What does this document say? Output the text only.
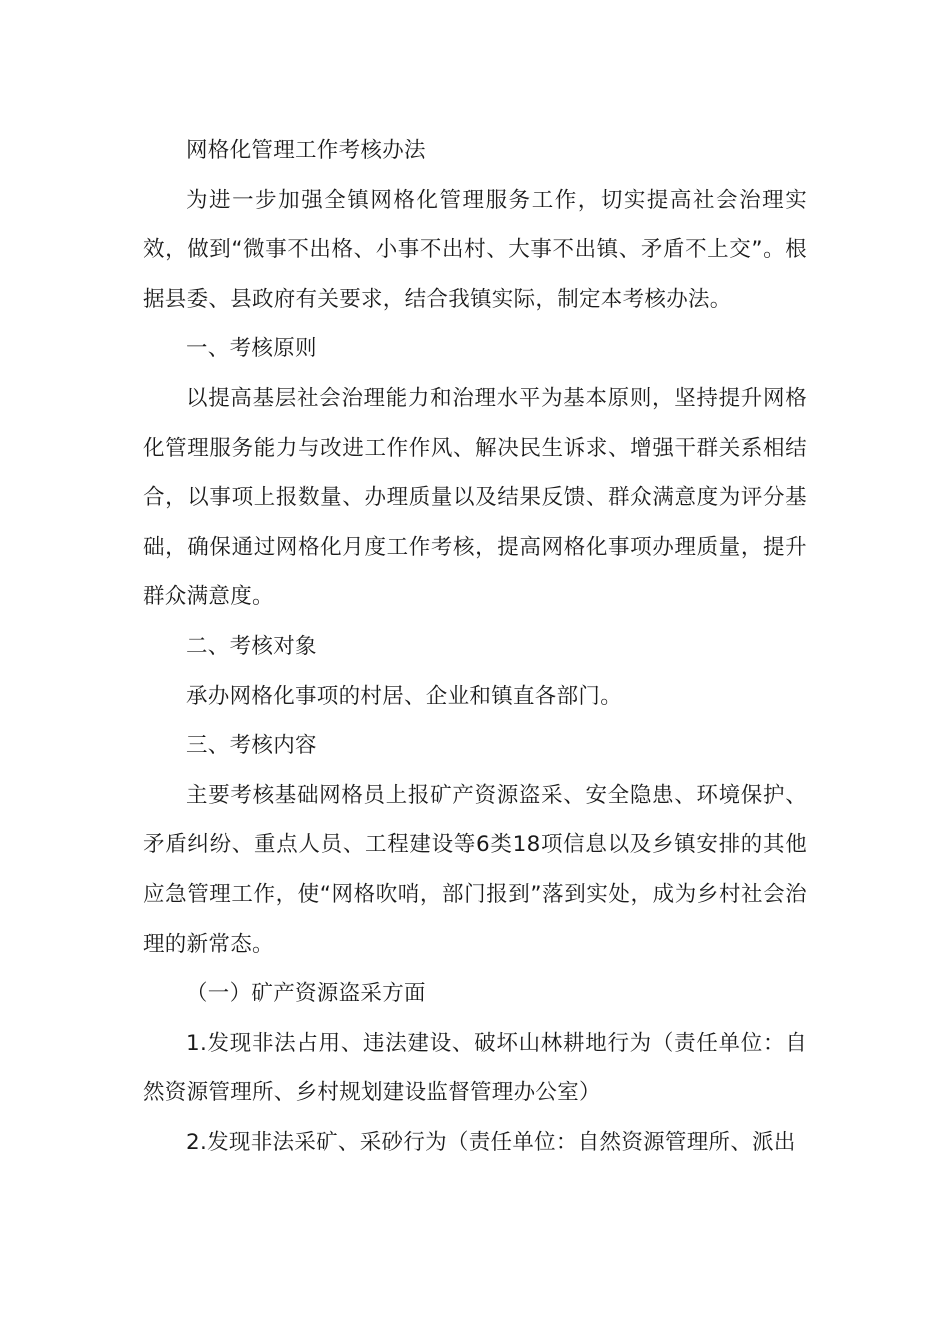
网格化管理工作考核办法

为进一步加强全镇网格化管理服务工作，切实提高社会治理实效，做到“微事不出格、小事不出村、大事不出镇、矛盾不上交”。根据县委、县政府有关要求，结合我镇实际，制定本考核办法。

一、考核原则

以提高基层社会治理能力和治理水平为基本原则，坚持提升网格化管理服务能力与改进工作作风、解决民生诉求、增强干群关系相结合，以事项上报数量、办理质量以及结果反馈、群众满意度为评分基础，确保通过网格化月度工作考核，提高网格化事项办理质量，提升群众满意度。

二、考核对象

承办网格化事项的村居、企业和镇直各部门。

三、考核内容

主要考核基础网格员上报矿产资源盗采、安全隐患、环境保护、矛盾纠纷、重点人员、工程建设等6类18项信息以及乡镇安排的其他应急管理工作，使“网格吹哨，部门报到”落到实处，成为乡村社会治理的新常态。

（一）矿产资源盗采方面

1.发现非法占用、违法建设、破坏山林耕地行为（责任单位：自然资源管理所、乡村规划建设监督管理办公室）

2.发现非法采矿、采砂行为（责任单位：自然资源管理所、派出
